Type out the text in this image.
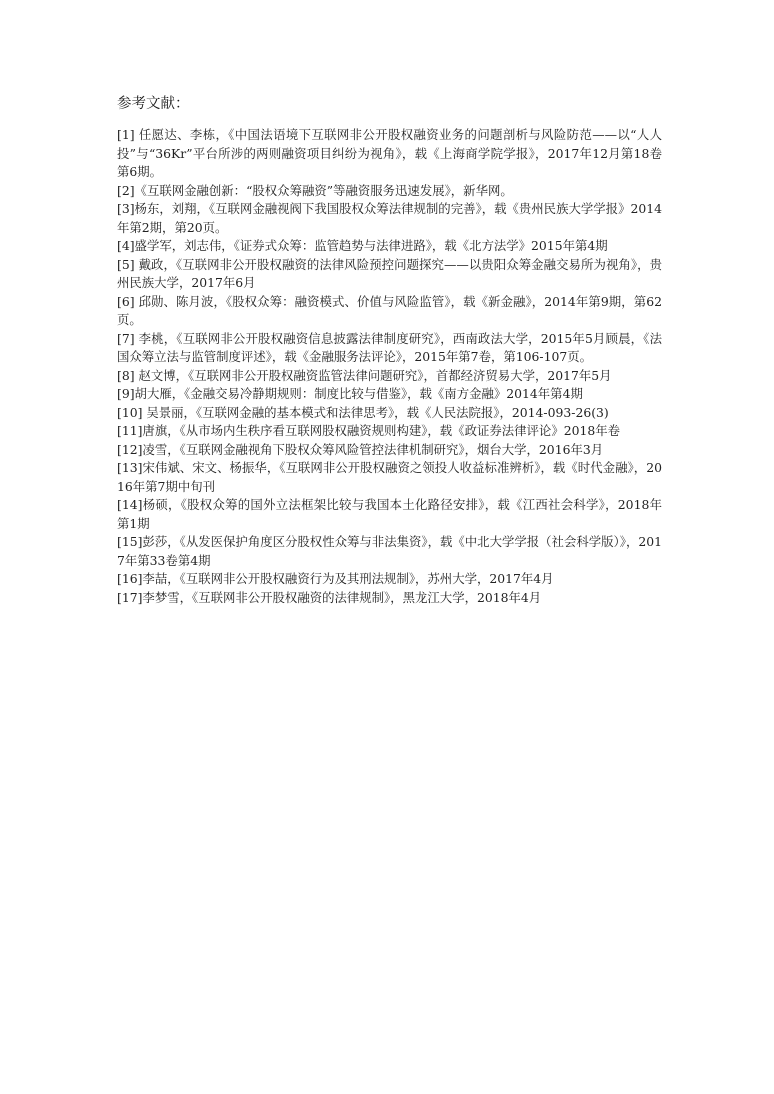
参考文献：
[1] 任愿达、李栋，《中国法语境下互联网非公开股权融资业务的问题剖析与风险防范——以“人人投”与“36Kr”平台所涉的两则融资项目纠纷为视角》，载《上海商学院学报》，2017年12月第18卷第6期。
[2]《互联网金融创新：“股权众筹融资”等融资服务迅速发展》，新华网。
[3]杨东，刘翔，《互联网金融视阀下我国股权众筹法律规制的完善》，载《贵州民族大学学报》2014年第2期，第20页。
[4]盛学军，刘志伟，《证券式众筹：监管趋势与法律进路》，载《北方法学》2015年第4期
[5] 戴政，《互联网非公开股权融资的法律风险预控问题探究——以贵阳众筹金融交易所为视角》，贵州民族大学，2017年6月
[6] 邱勋、陈月波，《股权众筹：融资模式、价值与风险监管》，载《新金融》，2014年第9期，第62页。
[7] 李桃，《互联网非公开股权融资信息披露法律制度研究》，西南政法大学，2015年5月顾晨，《法国众筹立法与监管制度评述》，载《金融服务法评论》，2015年第7卷，第106-107页。
[8] 赵文博，《互联网非公开股权融资监管法律问题研究》，首都经济贸易大学，2017年5月
[9]胡大雁，《金融交易冷静期规则：制度比较与借鉴》，载《南方金融》2014年第4期
[10] 吴景丽，《互联网金融的基本模式和法律思考》，载《人民法院报》，2014-093-26(3)
[11]唐旗，《从市场内生秩序看互联网股权融资规则构建》，载《政证券法律评论》2018年卷
[12]凌雪，《互联网金融视角下股权众筹风险管控法律机制研究》，烟台大学，2016年3月
[13]宋伟斌、宋文、杨振华，《互联网非公开股权融资之领投人收益标准辨析》，载《时代金融》，2016年第7期中旬刊
[14]杨硕，《股权众筹的国外立法框架比较与我国本土化路径安排》，载《江西社会科学》，2018年第1期
[15]彭莎，《从发医保护角度区分股权性众筹与非法集资》，载《中北大学学报（社会科学版）》，2017年第33卷第4期
[16]李喆，《互联网非公开股权融资行为及其刑法规制》，苏州大学，2017年4月
[17]李梦雪，《互联网非公开股权融资的法律规制》，黑龙江大学，2018年4月
